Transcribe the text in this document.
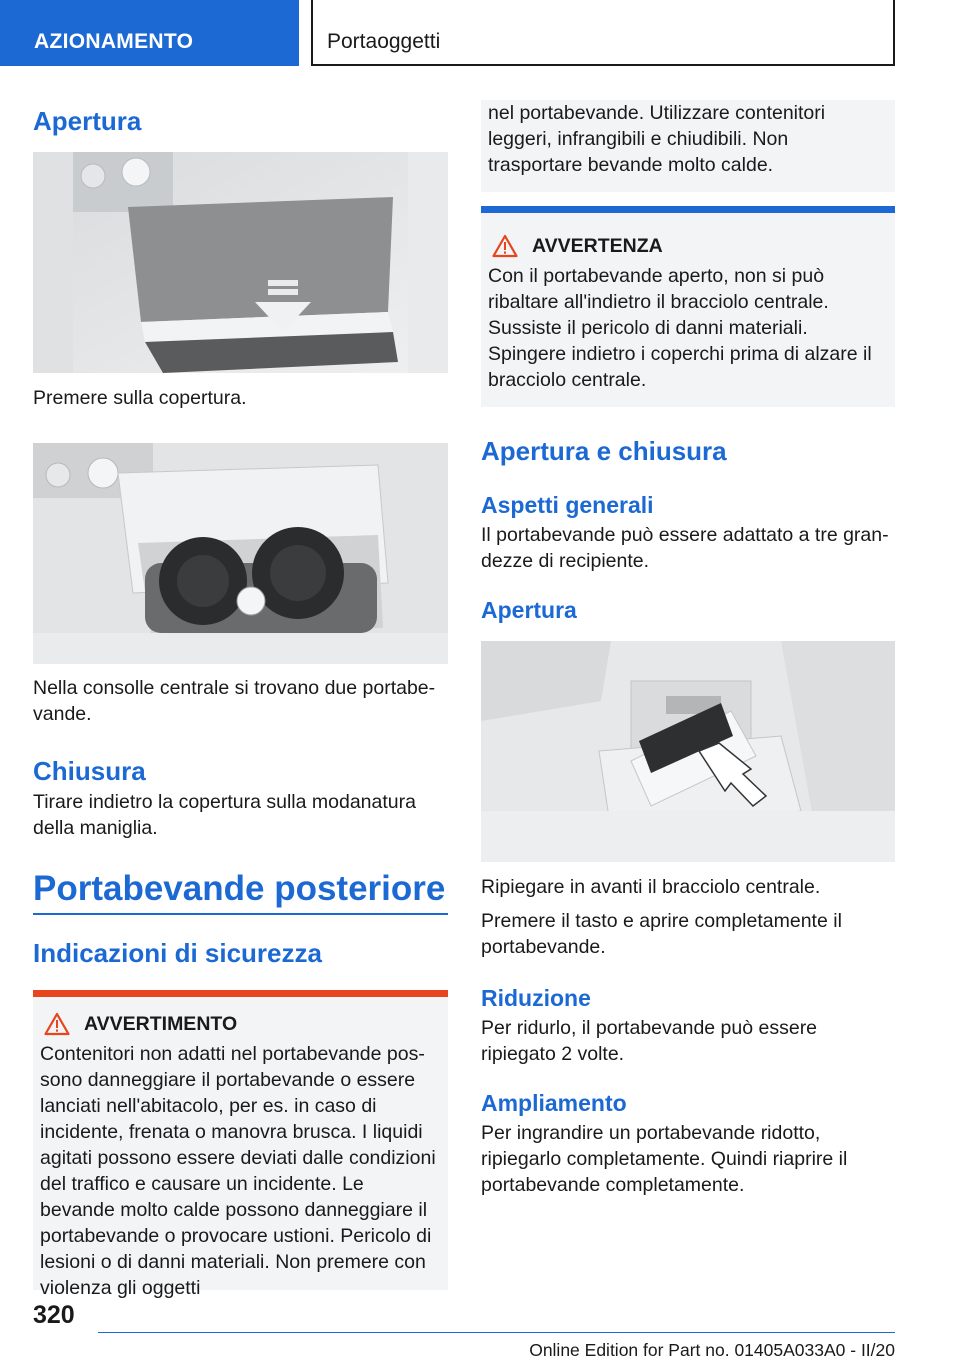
AZIONAMENTO	Portaoggetti
Apertura
Premere sulla copertura.
Nella consolle centrale si trovano due portabevande.
Chiusura
Tirare indietro la copertura sulla modanatura della maniglia.
Portabevande posteriore
Indicazioni di sicurezza
AVVERTIMENTO
Contenitori non adatti nel portabevande possono danneggiare il portabevande o essere lanciati nell'abitacolo, per es. in caso di incidente, frenata o manovra brusca. I liquidi agitati possono essere deviati dalle condizioni del traffico e causare un incidente. Le bevande molto calde possono danneggiare il portabevande o provocare ustioni. Pericolo di lesioni o di danni materiali. Non premere con violenza gli oggetti
nel portabevande. Utilizzare contenitori leggeri, infrangibili e chiudibili. Non trasportare bevande molto calde.
AVVERTENZA
Con il portabevande aperto, non si può ribaltare all'indietro il bracciolo centrale. Sussiste il pericolo di danni materiali. Spingere indietro i coperchi prima di alzare il bracciolo centrale.
Apertura e chiusura
Aspetti generali
Il portabevande può essere adattato a tre grandezze di recipiente.
Apertura
Ripiegare in avanti il bracciolo centrale.
Premere il tasto e aprire completamente il portabevande.
Riduzione
Per ridurlo, il portabevande può essere ripiegato 2 volte.
Ampliamento
Per ingrandire un portabevande ridotto, ripiegarlo completamente. Quindi riaprire il portabevande completamente.
320
Online Edition for Part no. 01405A033A0 - II/20
